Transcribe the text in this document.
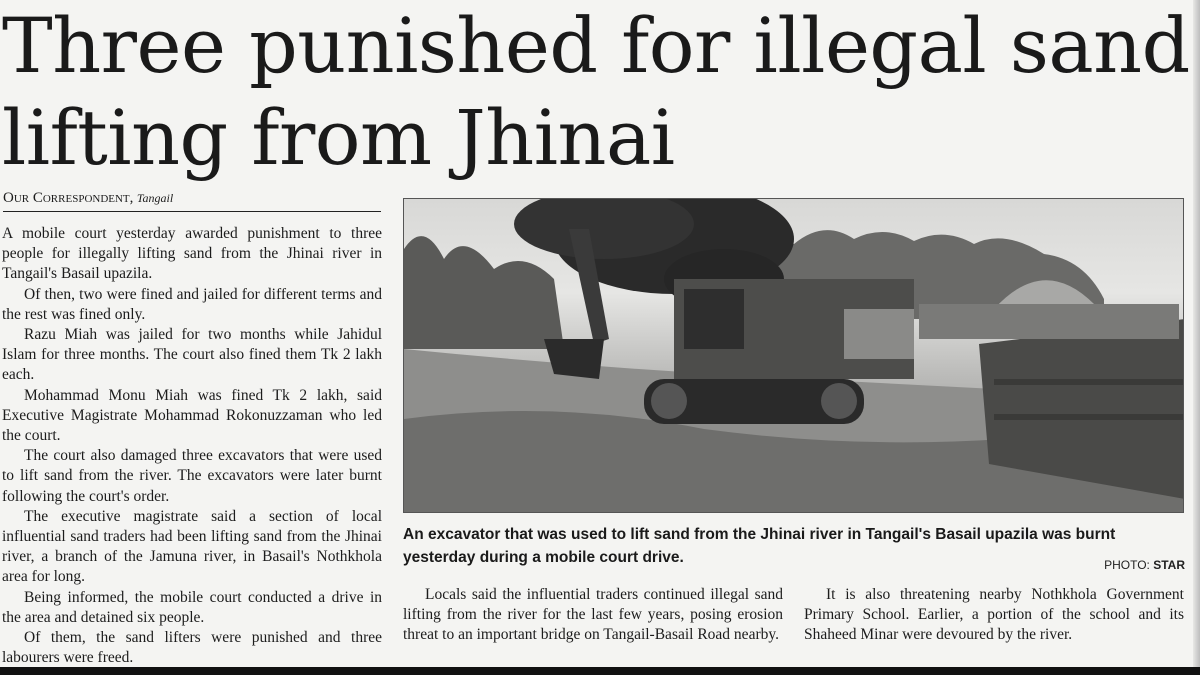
Three punished for illegal sand lifting from Jhinai
Our Correspondent, Tangail

A mobile court yesterday awarded punishment to three people for illegally lifting sand from the Jhinai river in Tangail's Basail upazila.

Of then, two were fined and jailed for different terms and the rest was fined only.

Razu Miah was jailed for two months while Jahidul Islam for three months. The court also fined them Tk 2 lakh each.

Mohammad Monu Miah was fined Tk 2 lakh, said Executive Magistrate Mohammad Rokonuzzaman who led the court.

The court also damaged three excavators that were used to lift sand from the river. The excavators were later burnt following the court's order.

The executive magistrate said a section of local influential sand traders had been lifting sand from the Jhinai river, a branch of the Jamuna river, in Basail's Nothkhola area for long.

Being informed, the mobile court conducted a drive in the area and detained six people.

Of them, the sand lifters were punished and three labourers were freed.

An excavator that was used to lift sand from the Jhinai river in Tangail's Basail upazila was burnt yesterday during a mobile court drive.	PHOTO: STAR

Locals said the influential traders continued illegal sand lifting from the river for the last few years, posing erosion threat to an important bridge on Tangail-Basail Road nearby.

It is also threatening nearby Nothkhola Government Primary School. Earlier, a portion of the school and its Shaheed Minar were devoured by the river.
